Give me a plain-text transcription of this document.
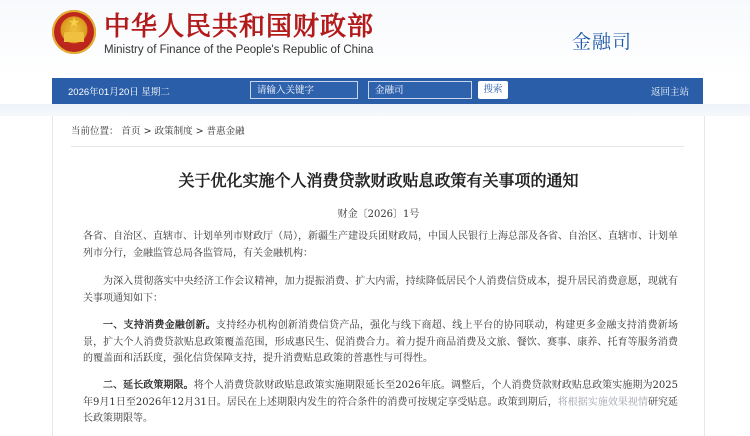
★ 中华人民共和国财政部
Ministry of Finance of the People's Republic of China	金融司
2026年01月20日 星期二	请输入关键字	金融司	搜索	返回主站
当前位置： 首页 > 政策制度 > 普惠金融
关于优化实施个人消费贷款财政贴息政策有关事项的通知
财金〔2026〕1号

各省、自治区、直辖市、计划单列市财政厅（局），新疆生产建设兵团财政局，中国人民银行上海总部及各省、自治区、直辖市、计划单列市分行，金融监管总局各监管局，有关金融机构：

为深入贯彻落实中央经济工作会议精神，加力提振消费、扩大内需，持续降低居民个人消费信贷成本，提升居民消费意愿，现就有关事项通知如下：

一、支持消费金融创新。支持经办机构创新消费信贷产品，强化与线下商超、线上平台的协同联动，构建更多金融支持消费新场景，扩大个人消费贷款贴息政策覆盖范围，形成惠民生、促消费合力。着力提升商品消费及文旅、餐饮、赛事、康养、托育等服务消费的覆盖面和活跃度，强化信贷保障支持，提升消费贴息政策的普惠性与可得性。

二、延长政策期限。将个人消费贷款财政贴息政策实施期限延长至2026年底。调整后，个人消费贷款财政贴息政策实施期为2025年9月1日至2026年12月31日。居民在上述期限内发生的符合条件的消费可按规定享受贴息。政策到期后，将根据实施效果视情研究延长政策期限等。
